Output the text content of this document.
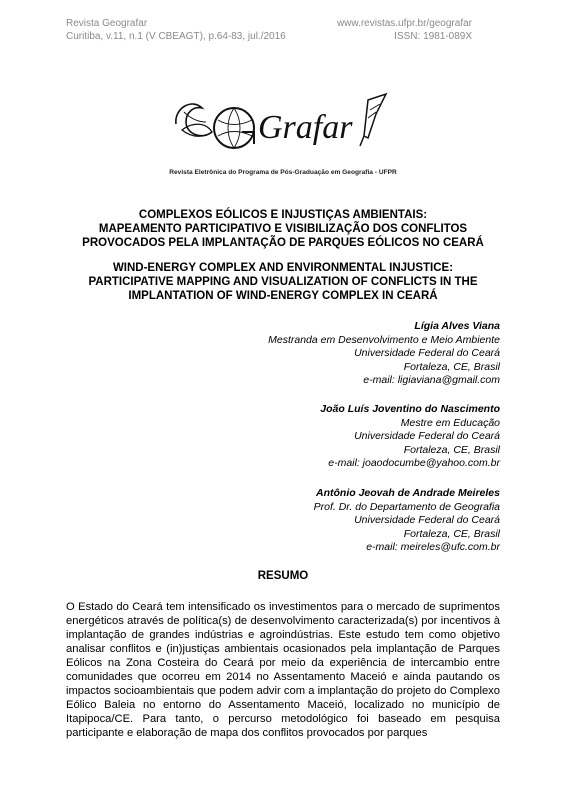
Revista Geografar
Curitiba, v.11, n.1 (V CBEAGT), p.64-83, jul./2016
www.revistas.ufpr.br/geografar
ISSN: 1981-089X
Grafar
Revista Eletrônica do Programa de Pós-Graduação em Geografia - UFPR
COMPLEXOS EÓLICOS E INJUSTIÇAS AMBIENTAIS:
MAPEAMENTO PARTICIPATIVO E VISIBILIZAÇÃO DOS CONFLITOS
PROVOCADOS PELA IMPLANTAÇÃO DE PARQUES EÓLICOS NO CEARÁ
WIND-ENERGY COMPLEX AND ENVIRONMENTAL INJUSTICE:
PARTICIPATIVE MAPPING AND VISUALIZATION OF CONFLICTS IN THE
IMPLANTATION OF WIND-ENERGY COMPLEX IN CEARÁ
Lígia Alves Viana
Mestranda em Desenvolvimento e Meio Ambiente
Universidade Federal do Ceará
Fortaleza, CE, Brasil
e-mail: ligiaviana@gmail.com
João Luís Joventino do Nascimento
Mestre em Educação
Universidade Federal do Ceará
Fortaleza, CE, Brasil
e-mail: joaodocumbe@yahoo.com.br
Antônio Jeovah de Andrade Meireles
Prof. Dr. do Departamento de Geografia
Universidade Federal do Ceará
Fortaleza, CE, Brasil
e-mail: meireles@ufc.com.br
RESUMO
O Estado do Ceará tem intensificado os investimentos para o mercado de suprimentos energéticos através de política(s) de desenvolvimento caracterizada(s) por incentivos à implantação de grandes indústrias e agroindústrias. Este estudo tem como objetivo analisar conflitos e (in)justiças ambientais ocasionados pela implantação de Parques Eólicos na Zona Costeira do Ceará por meio da experiência de intercambio entre comunidades que ocorreu em 2014 no Assentamento Maceió e ainda pautando os impactos socioambientais que podem advir com a implantação do projeto do Complexo Eólico Baleia no entorno do Assentamento Maceió, localizado no município de Itapipoca/CE. Para tanto, o percurso metodológico foi baseado em pesquisa participante e elaboração de mapa dos conflitos provocados por parques
